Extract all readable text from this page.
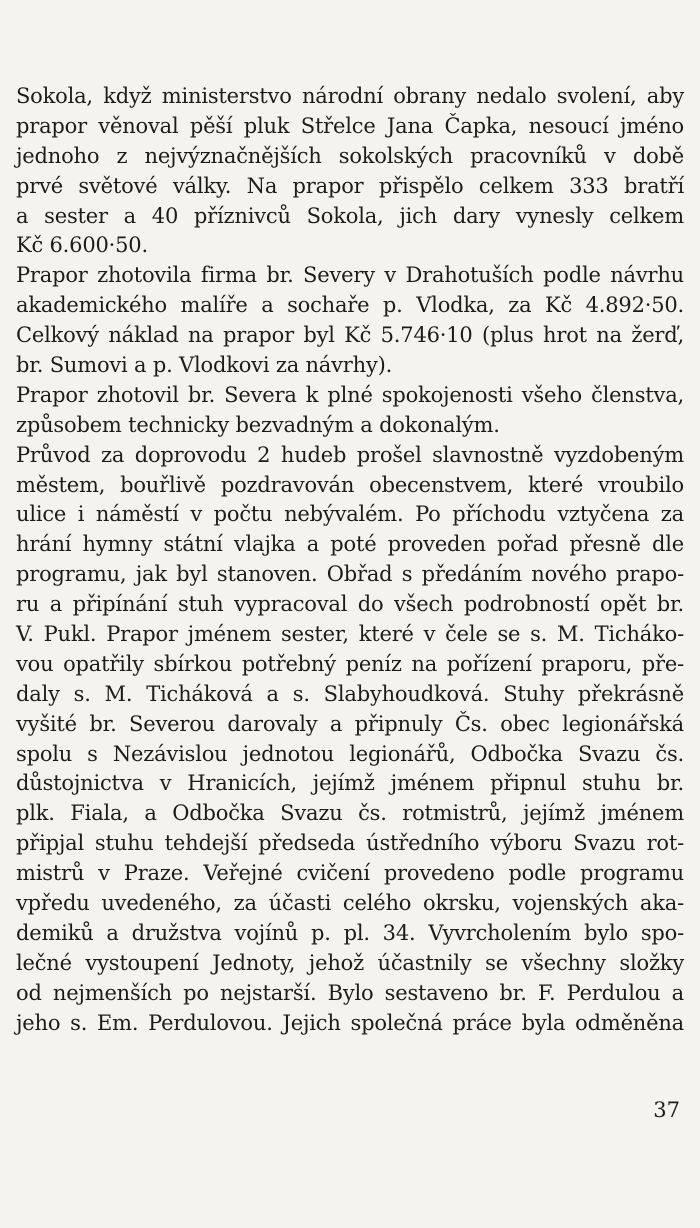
Sokola, když ministerstvo národní obrany nedalo svolení, aby
prapor věnoval pěší pluk Střelce Jana Čapka, nesoucí jméno
jednoho z nejvýznačnějších sokolských pracovníků v době
prvé světové války. Na prapor přispělo celkem 333 bratří
a sester a 40 příznivců Sokola, jich dary vynesly celkem
Kč 6.600·50.
Prapor zhotovila firma br. Severy v Drahotuších podle návrhu
akademického malíře a sochaře p. Vlodka, za Kč 4.892·50.
Celkový náklad na prapor byl Kč 5.746·10 (plus hrot na žerď,
br. Sumovi a p. Vlodkovi za návrhy).
Prapor zhotovil br. Severa k plné spokojenosti všeho členstva,
způsobem technicky bezvadným a dokonalým.
Průvod za doprovodu 2 hudeb prošel slavnostně vyzdobeným
městem, bouřlivě pozdravován obecenstvem, které vroubilo
ulice i náměstí v počtu nebývalém. Po příchodu vztyčena za
hrání hymny státní vlajka a poté proveden pořad přesně dle
programu, jak byl stanoven. Obřad s předáním nového prapo-
ru a připínání stuh vypracoval do všech podrobností opět br.
V. Pukl. Prapor jménem sester, které v čele se s. M. Ticháko-
vou opatřily sbírkou potřebný peníz na pořízení praporu, pře-
daly s. M. Ticháková a s. Slabyhoudková. Stuhy překrásně
vyšité br. Severou darovaly a připnuly Čs. obec legionářská
spolu s Nezávislou jednotou legionářů, Odbočka Svazu čs.
důstojnictva v Hranicích, jejímž jménem připnul stuhu br.
plk. Fiala, a Odbočka Svazu čs. rotmistrů, jejímž jménem
připjal stuhu tehdejší předseda ústředního výboru Svazu rot-
mistrů v Praze. Veřejné cvičení provedeno podle programu
vpředu uvedeného, za účasti celého okrsku, vojenských aka-
demiků a družstva vojínů p. pl. 34. Vyvrcholením bylo spo-
lečné vystoupení Jednoty, jehož účastnily se všechny složky
od nejmenších po nejstarší. Bylo sestaveno br. F. Perdulou a
jeho s. Em. Perdulovou. Jejich společná práce byla odměněna
37
